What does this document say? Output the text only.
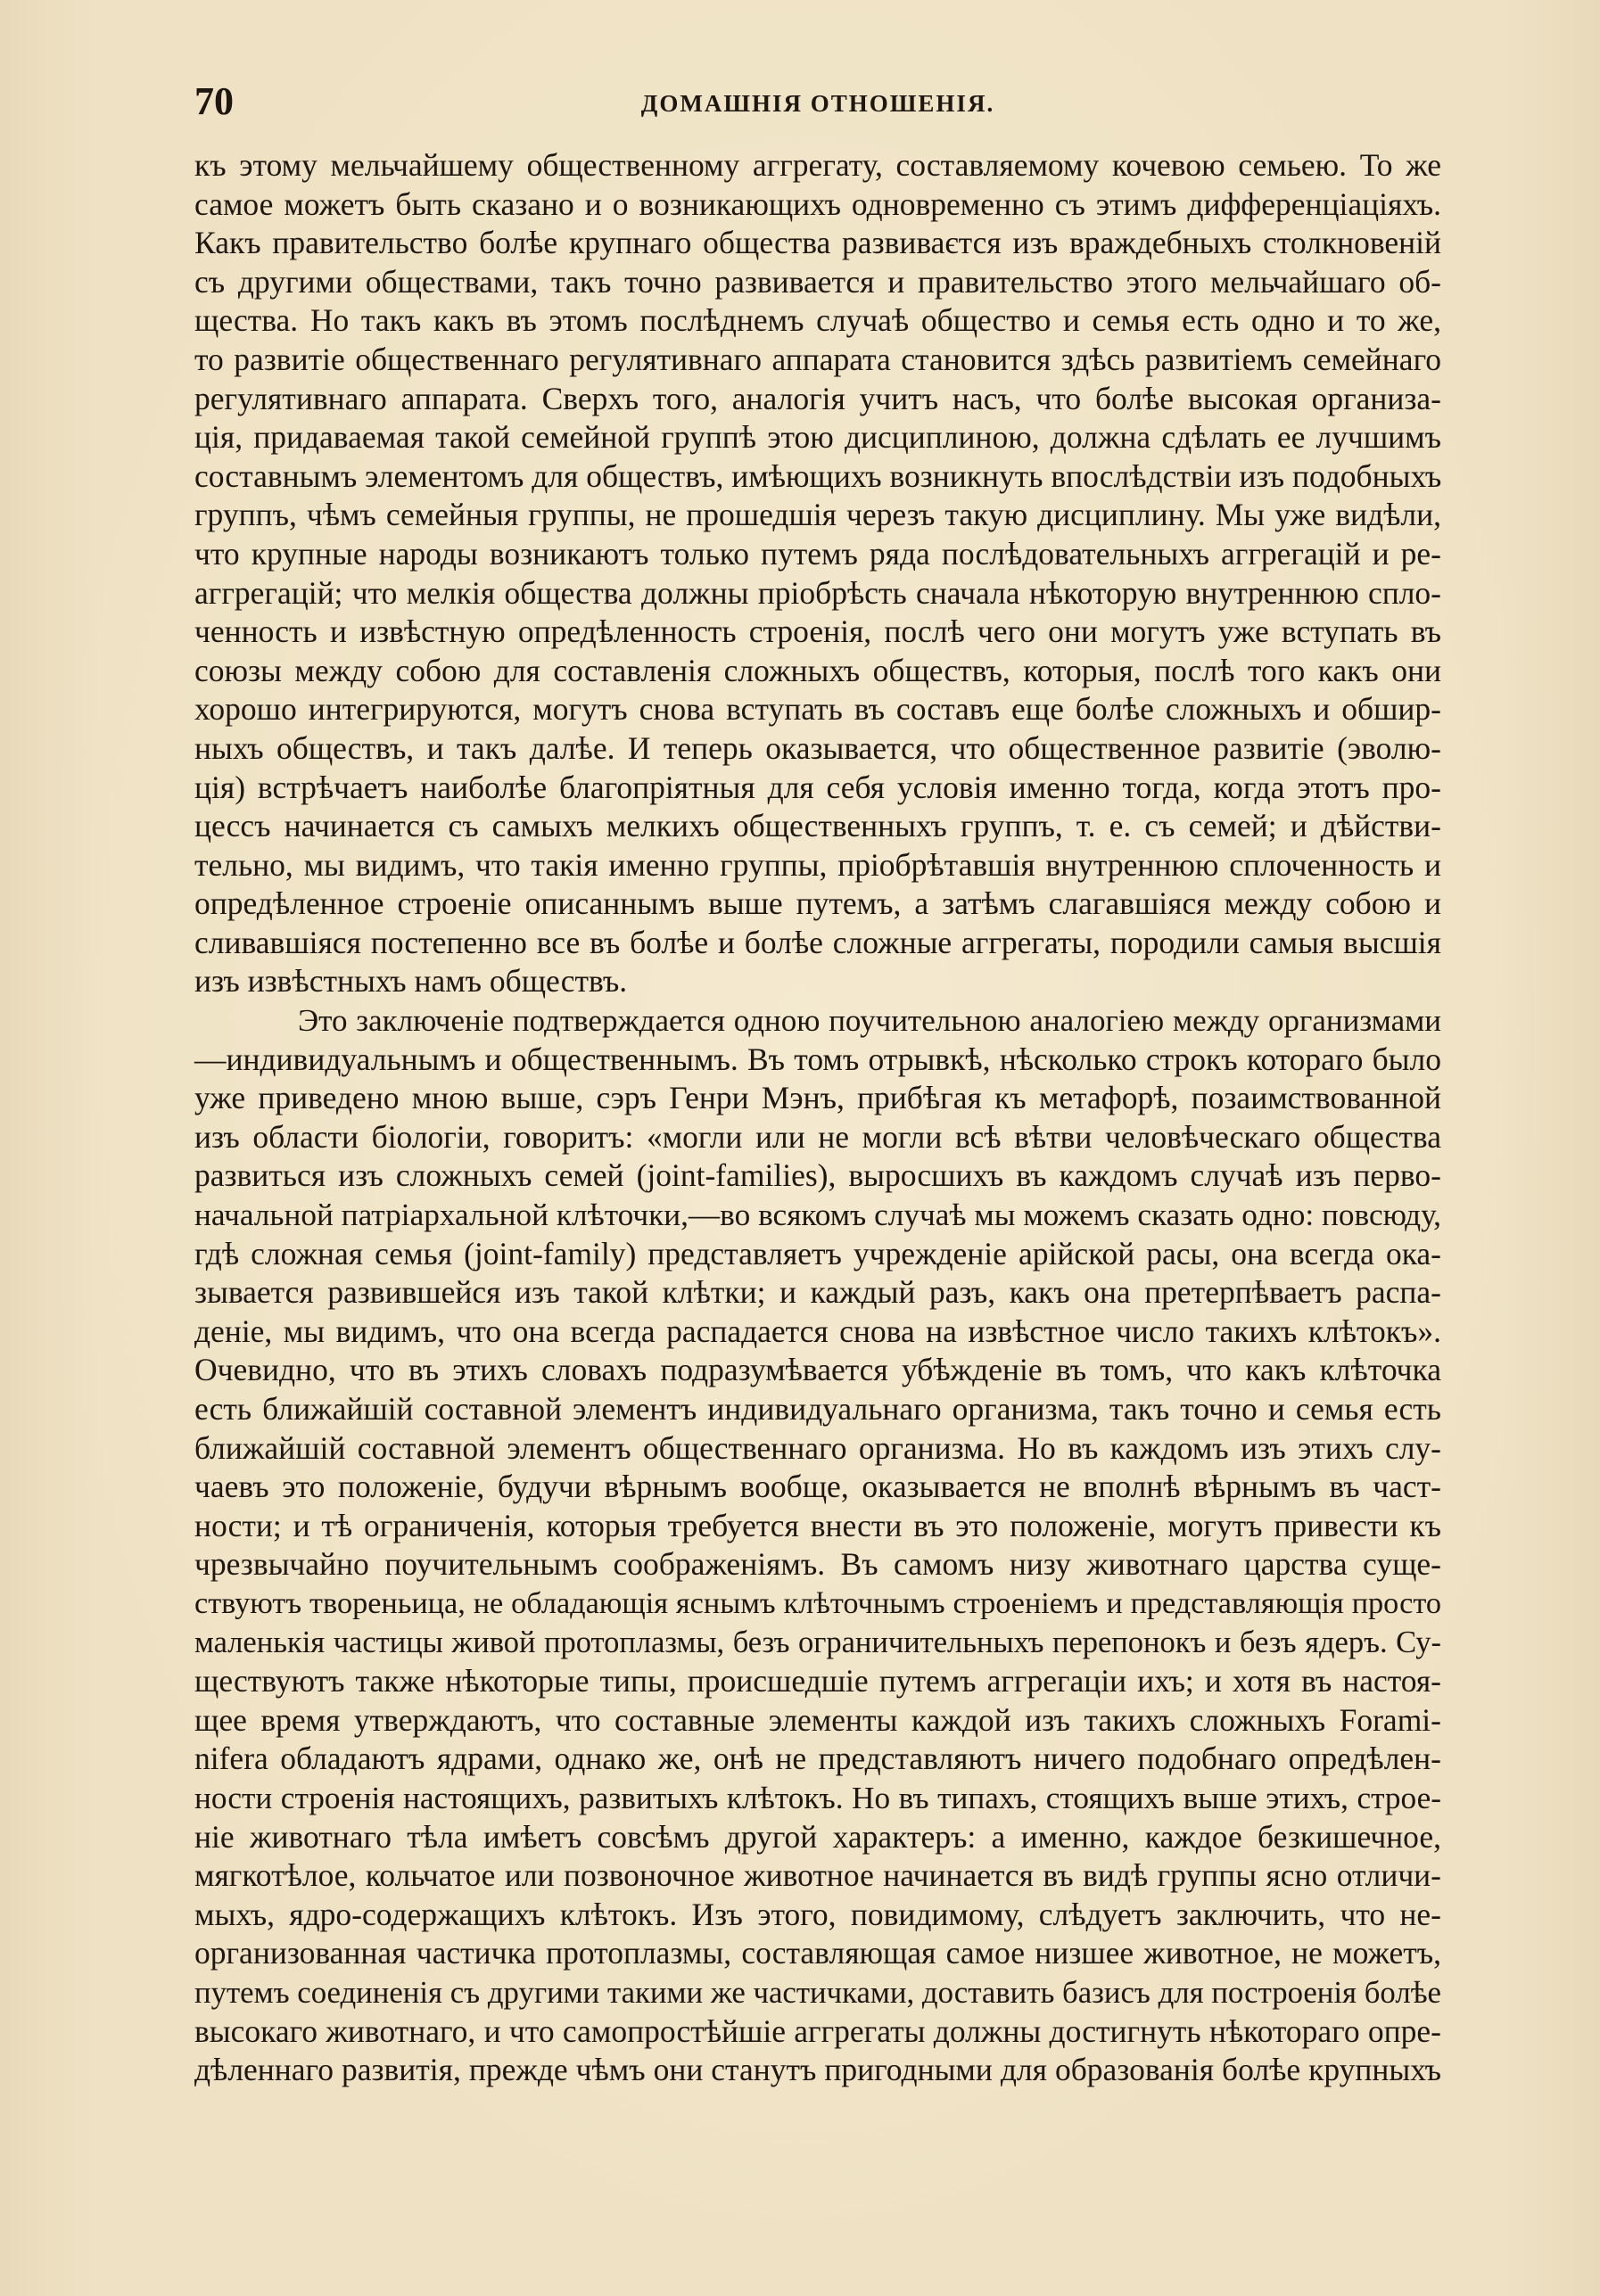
70	ДОМАШНІЯ ОТНОШЕНІЯ.
къ этому мельчайшему общественному аггрегату, составляемому кочевою семьею. То же
самое можетъ быть сказано и о возникающихъ одновременно съ этимъ дифференціаціяхъ.
Какъ правительство болѣе крупнаго общества развиваєтся изъ враждебныхъ столкновеній
съ другими обществами, такъ точно развивается и правительство этого мельчайшаго об-
щества. Но такъ какъ въ этомъ послѣднемъ случаѣ общество и семья есть одно и то же,
то развитіе общественнаго регулятивнаго аппарата становится здѣсь развитіемъ семейнаго
регулятивнаго аппарата. Сверхъ того, аналогія учитъ насъ, что болѣе высокая организа-
ція, придаваемая такой семейной группѣ этою дисциплиною, должна сдѣлать ее лучшимъ
составнымъ элементомъ для обществъ, имѣющихъ возникнуть впослѣдствіи изъ подобныхъ
группъ, чѣмъ семейныя группы, не прошедшія черезъ такую дисциплину. Мы уже видѣли,
что крупные народы возникаютъ только путемъ ряда послѣдовательныхъ аггрегацій и ре-
аггрегацій; что мелкія общества должны пріобрѣсть сначала нѣкоторую внутреннюю спло-
ченность и извѣстную опредѣленность строенія, послѣ чего они могутъ уже вступать въ
союзы между собою для составленія сложныхъ обществъ, которыя, послѣ того какъ они
хорошо интегрируются, могутъ снова вступать въ составъ еще болѣе сложныхъ и обшир-
ныхъ обществъ, и такъ далѣе. И теперь оказывается, что общественное развитіе (эволю-
ція) встрѣчаетъ наиболѣе благопріятныя для себя условія именно тогда, когда этотъ про-
цессъ начинается съ самыхъ мелкихъ общественныхъ группъ, т. е. съ семей; и дѣйстви-
тельно, мы видимъ, что такія именно группы, пріобрѣтавшія внутреннюю сплоченность и
опредѣленное строеніе описаннымъ выше путемъ, а затѣмъ слагавшіяся между собою и
сливавшіяся постепенно все въ болѣе и болѣе сложные аггрегаты, породили самыя высшія
изъ извѣстныхъ намъ обществъ.
Это заключеніе подтверждается одною поучительною аналогіею между организмами
—индивидуальнымъ и общественнымъ. Въ томъ отрывкѣ, нѣсколько строкъ котораго было
уже приведено мною выше, сэръ Генри Мэнъ, прибѣгая къ метафорѣ, позаимствованной
изъ области біологіи, говоритъ: «могли или не могли всѣ вѣтви человѣческаго общества
развиться изъ сложныхъ семей (joint-families), выросшихъ въ каждомъ случаѣ изъ перво-
начальной патріархальной клѣточки,—во всякомъ случаѣ мы можемъ сказать одно: повсюду,
гдѣ сложная семья (joint-family) представляетъ учрежденіе арійской расы, она всегда ока-
зывается развившейся изъ такой клѣтки; и каждый разъ, какъ она претерпѣваетъ распа-
деніе, мы видимъ, что она всегда распадается снова на извѣстное число такихъ клѣтокъ».
Очевидно, что въ этихъ словахъ подразумѣвается убѣжденіе въ томъ, что какъ клѣточка
есть ближайшій составной элементъ индивидуальнаго организма, такъ точно и семья есть
ближайшій составной элементъ общественнаго организма. Но въ каждомъ изъ этихъ слу-
чаевъ это положеніе, будучи вѣрнымъ вообще, оказывается не вполнѣ вѣрнымъ въ част-
ности; и тѣ ограниченія, которыя требуется внести въ это положеніе, могутъ привести къ
чрезвычайно поучительнымъ соображеніямъ. Въ самомъ низу животнаго царства суще-
ствуютъ твореньица, не обладающія яснымъ клѣточнымъ строеніемъ и представляющія просто
маленькія частицы живой протоплазмы, безъ ограничительныхъ перепонокъ и безъ ядеръ. Су-
ществуютъ также нѣкоторые типы, происшедшіе путемъ аггрегаціи ихъ; и хотя въ настоя-
щее время утверждаютъ, что составные элементы каждой изъ такихъ сложныхъ Forami-
nifera обладаютъ ядрами, однако же, онѣ не представляютъ ничего подобнаго опредѣлен-
ности строенія настоящихъ, развитыхъ клѣтокъ. Но въ типахъ, стоящихъ выше этихъ, строе-
ніе животнаго тѣла имѣетъ совсѣмъ другой характеръ: а именно, каждое безкишечное,
мягкотѣлое, кольчатое или позвоночное животное начинается въ видѣ группы ясно отличи-
мыхъ, ядро-содержащихъ клѣтокъ. Изъ этого, повидимому, слѣдуетъ заключить, что не-
организованная частичка протоплазмы, составляющая самое низшее животное, не можетъ,
путемъ соединенія съ другими такими же частичками, доставить базисъ для построенія болѣе
высокаго животнаго, и что самопростѣйшіе аггрегаты должны достигнуть нѣкотораго опре-
дѣленнаго развитія, прежде чѣмъ они станутъ пригодными для образованія болѣе крупныхъ
